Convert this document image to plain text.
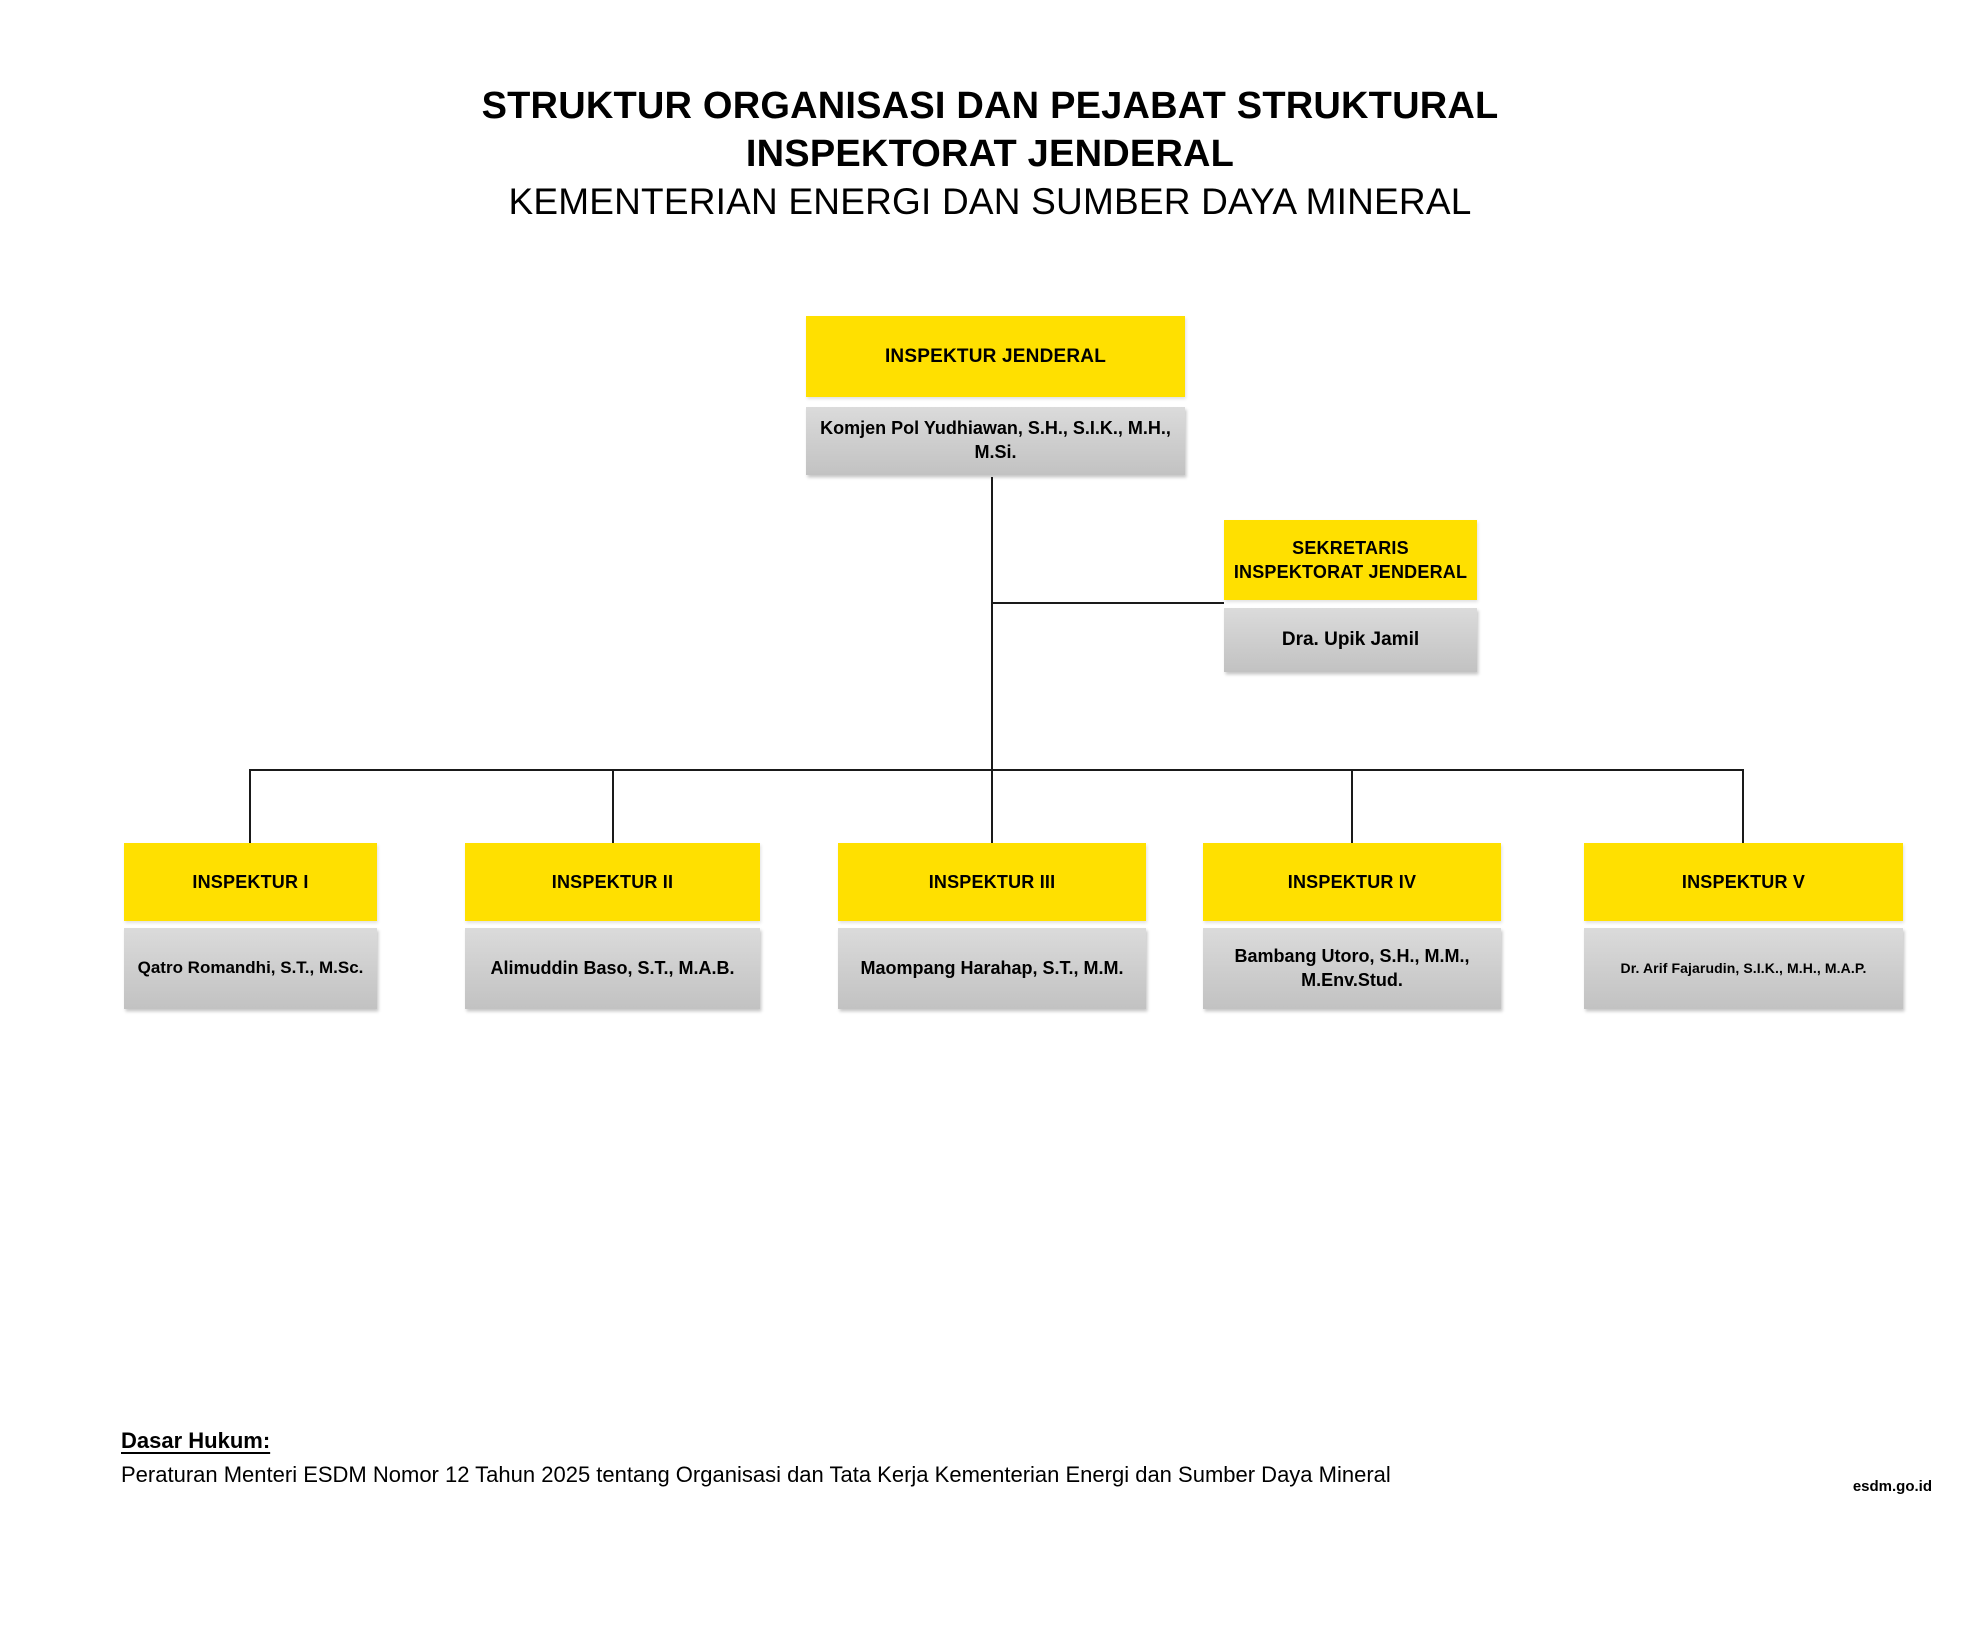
STRUKTUR ORGANISASI DAN PEJABAT STRUKTURAL
INSPEKTORAT JENDERAL
KEMENTERIAN ENERGI DAN SUMBER DAYA MINERAL
INSPEKTUR JENDERAL
Komjen Pol Yudhiawan, S.H., S.I.K., M.H., M.Si.
SEKRETARIS
INSPEKTORAT JENDERAL
Dra. Upik Jamil
INSPEKTUR I
Qatro Romandhi, S.T., M.Sc.
INSPEKTUR II
Alimuddin Baso, S.T., M.A.B.
INSPEKTUR III
Maompang Harahap, S.T., M.M.
INSPEKTUR IV
Bambang Utoro, S.H., M.M., M.Env.Stud.
INSPEKTUR V
Dr. Arif Fajarudin, S.I.K., M.H., M.A.P.
Dasar Hukum:
Peraturan Menteri ESDM Nomor 12 Tahun 2025 tentang Organisasi dan Tata Kerja Kementerian Energi dan Sumber Daya Mineral	esdm.go.id
